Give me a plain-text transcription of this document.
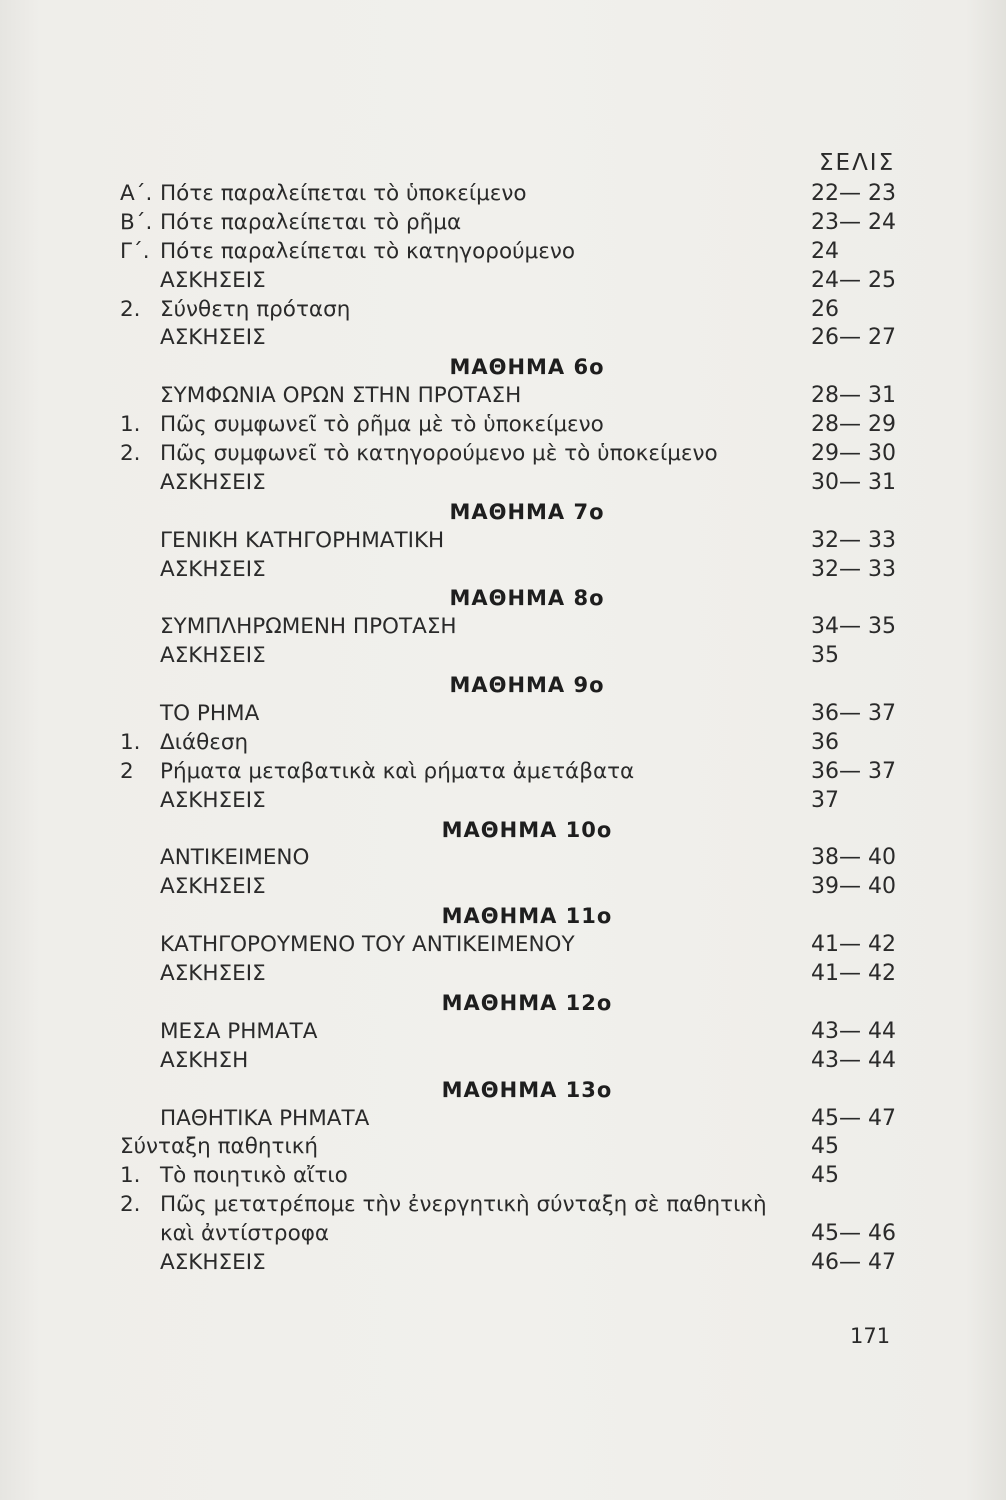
ΣΕΛΙΣ
Α΄. Πότε παραλείπεται τὸ ὑποκείμενο	22— 23
Β΄. Πότε παραλείπεται τὸ ρῆμα	23— 24
Γ΄. Πότε παραλείπεται τὸ κατηγορούμενο	24
ΑΣΚΗΣΕΙΣ	24— 25
2. Σύνθετη πρόταση	26
ΑΣΚΗΣΕΙΣ	26— 27
ΜΑΘΗΜΑ 6ο
ΣΥΜΦΩΝΙΑ ΟΡΩΝ ΣΤΗΝ ΠΡΟΤΑΣΗ	28— 31
1. Πῶς συμφωνεῖ τὸ ρῆμα μὲ τὸ ὑποκείμενο	28— 29
2. Πῶς συμφωνεῖ τὸ κατηγορούμενο μὲ τὸ ὑποκείμενο	29— 30
ΑΣΚΗΣΕΙΣ	30— 31
ΜΑΘΗΜΑ 7ο
ΓΕΝΙΚΗ ΚΑΤΗΓΟΡΗΜΑΤΙΚΗ	32— 33
ΑΣΚΗΣΕΙΣ	32— 33
ΜΑΘΗΜΑ 8ο
ΣΥΜΠΛΗΡΩΜΕΝΗ ΠΡΟΤΑΣΗ	34— 35
ΑΣΚΗΣΕΙΣ	35
ΜΑΘΗΜΑ 9ο
ΤΟ ΡΗΜΑ	36— 37
1. Διάθεση	36
2	Ρήματα μεταβατικὰ καὶ ρήματα ἀμετάβατα	36— 37
ΑΣΚΗΣΕΙΣ	37
ΜΑΘΗΜΑ 10ο
ΑΝΤΙΚΕΙΜΕΝΟ	38— 40
ΑΣΚΗΣΕΙΣ	39— 40
ΜΑΘΗΜΑ 11ο
ΚΑΤΗΓΟΡΟΥΜΕΝΟ ΤΟΥ ΑΝΤΙΚΕΙΜΕΝΟΥ	41— 42
ΑΣΚΗΣΕΙΣ	41— 42
ΜΑΘΗΜΑ 12ο
ΜΕΣΑ ΡΗΜΑΤΑ	43— 44
ΑΣΚΗΣΗ	43— 44
ΜΑΘΗΜΑ 13ο
ΠΑΘΗΤΙΚΑ ΡΗΜΑΤΑ	45— 47
Σύνταξη παθητική	45
1. Τὸ ποιητικὸ αἴτιο	45
2. Πῶς μετατρέπομε τὴν ἐνεργητικὴ σύνταξη σὲ παθητικὴ
καὶ ἀντίστροφα	45— 46
ΑΣΚΗΣΕΙΣ	46— 47
171
